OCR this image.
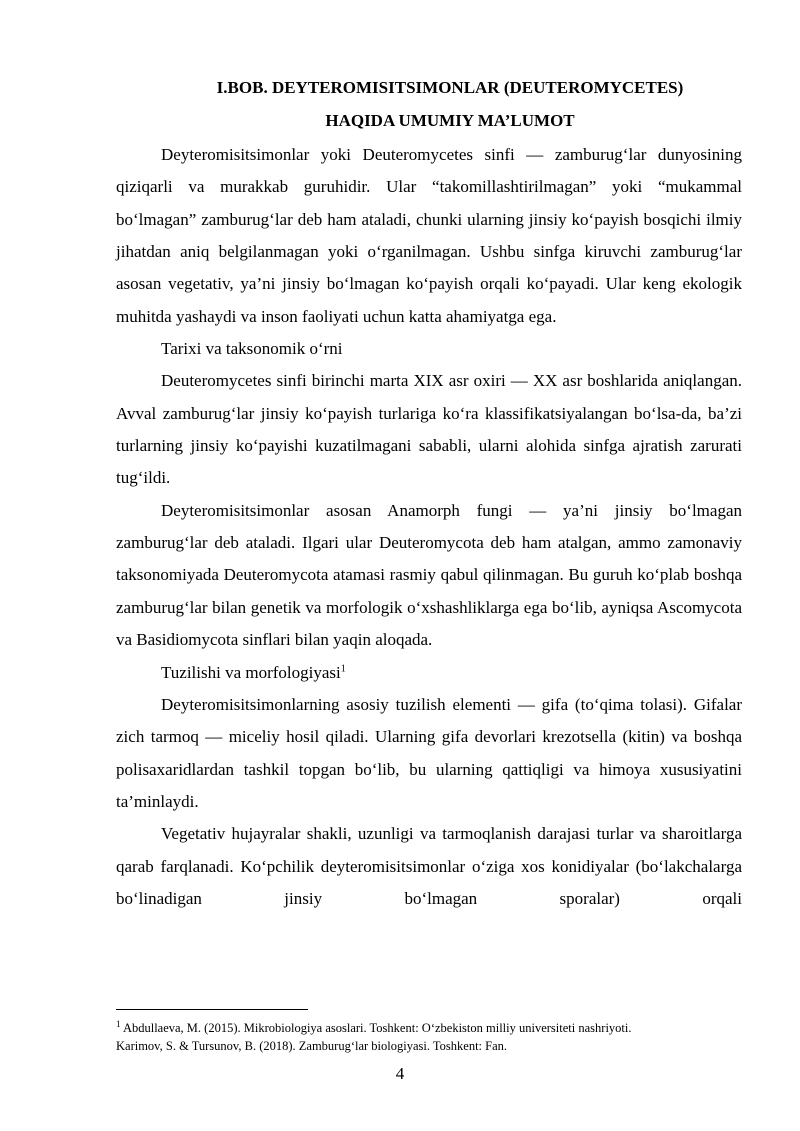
I.BOB. DEYTEROMISITSIMONLAR (DEUTEROMYCETES)

HAQIDA UMUMIY MA’LUMOT

Deyteromisitsimonlar yoki Deuteromycetes sinfi — zamburug‘lar dunyosining qiziqarli va murakkab guruhidir. Ular “takomillashtirilmagan” yoki “mukammal bo‘lmagan” zamburug‘lar deb ham ataladi, chunki ularning jinsiy ko‘payish bosqichi ilmiy jihatdan aniq belgilanmagan yoki o‘rganilmagan. Ushbu sinfga kiruvchi zamburug‘lar asosan vegetativ, ya’ni jinsiy bo‘lmagan ko‘payish orqali ko‘payadi. Ular keng ekologik muhitda yashaydi va inson faoliyati uchun katta ahamiyatga ega.

Tarixi va taksonomik o‘rni

Deuteromycetes sinfi birinchi marta XIX asr oxiri — XX asr boshlarida aniqlangan. Avval zamburug‘lar jinsiy ko‘payish turlariga ko‘ra klassifikatsiyalangan bo‘lsa-da, ba’zi turlarning jinsiy ko‘payishi kuzatilmagani sababli, ularni alohida sinfga ajratish zarurati tug‘ildi.

Deyteromisitsimonlar asosan Anamorph fungi — ya’ni jinsiy bo‘lmagan zamburug‘lar deb ataladi. Ilgari ular Deuteromycota deb ham atalgan, ammo zamonaviy taksonomiyada Deuteromycota atamasi rasmiy qabul qilinmagan. Bu guruh ko‘plab boshqa zamburug‘lar bilan genetik va morfologik o‘xshashliklarga ega bo‘lib, ayniqsa Ascomycota va Basidiomycota sinflari bilan yaqin aloqada.

Tuzilishi va morfologiyasi$^1$

Deyteromisitsimonlarning asosiy tuzilish elementi — gifa (to‘qima tolasi). Gifalar zich tarmoq — miceliy hosil qiladi. Ularning gifa devorlari krezotsella (kitin) va boshqa polisaxaridlardan tashkil topgan bo‘lib, bu ularning qattiqligi va himoya xususiyatini ta’minlaydi.

Vegetativ hujayralar shakli, uzunligi va tarmoqlanish darajasi turlar va sharoitlarga qarab farqlanadi. Ko‘pchilik deyteromisitsimonlar o‘ziga xos konidiyalar (bo‘lakchalarga bo‘linadigan jinsiy bo‘lmagan sporalar) orqali

$^1$ Abdullaeva, M. (2015). Mikrobiologiya asoslari. Toshkent: O‘zbekiston milliy universiteti nashriyoti.
Karimov, S. & Tursunov, B. (2018). Zamburug‘lar biologiyasi. Toshkent: Fan.

4
